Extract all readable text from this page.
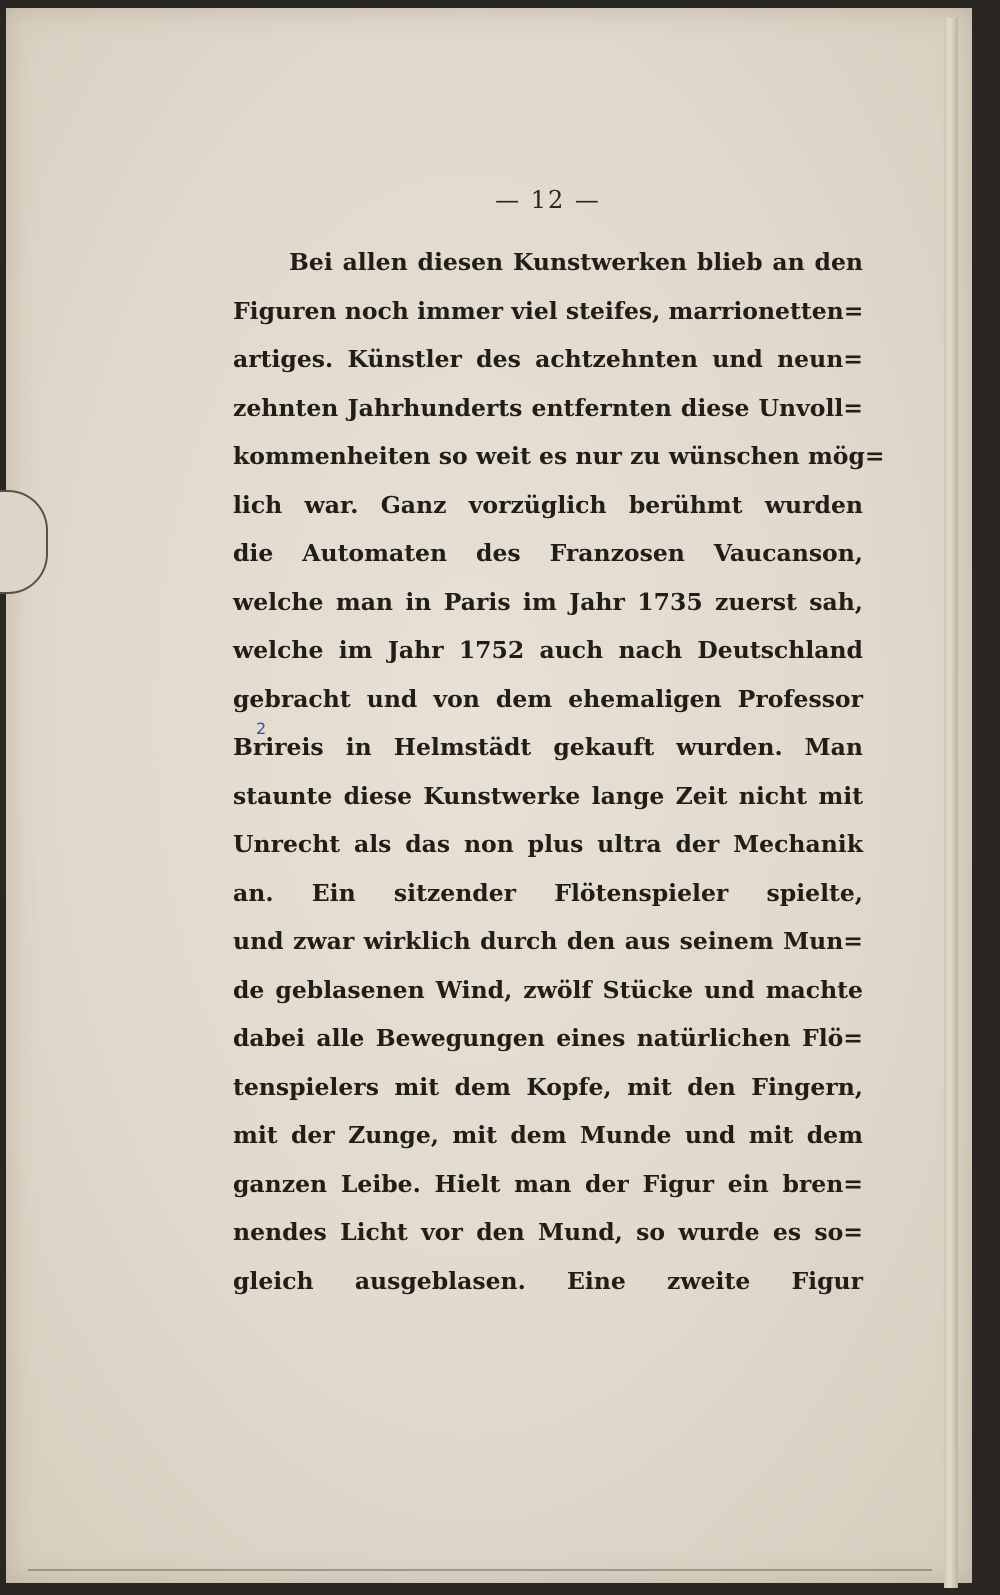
— 12 —
Bei allen diesen Kunstwerken blieb an den
Figuren noch immer viel steifes, marrionetten=
artiges. Künstler des achtzehnten und neun=
zehnten Jahrhunderts entfernten diese Unvoll=
kommenheiten so weit es nur zu wünschen mög=
lich war. Ganz vorzüglich berühmt wurden
die Automaten des Franzosen Vaucanson,
welche man in Paris im Jahr 1735 zuerst sah,
welche im Jahr 1752 auch nach Deutschland
gebracht und von dem ehemaligen Professor
Brireis in Helmstädt gekauft wurden. Man
staunte diese Kunstwerke lange Zeit nicht mit
Unrecht als das non plus ultra der Mechanik
an. Ein sitzender Flötenspieler spielte,
und zwar wirklich durch den aus seinem Mun=
de geblasenen Wind, zwölf Stücke und machte
dabei alle Bewegungen eines natürlichen Flö=
tenspielers mit dem Kopfe, mit den Fingern,
mit der Zunge, mit dem Munde und mit dem
ganzen Leibe. Hielt man der Figur ein bren=
nendes Licht vor den Mund, so wurde es so=
gleich ausgeblasen. Eine zweite Figur
2
